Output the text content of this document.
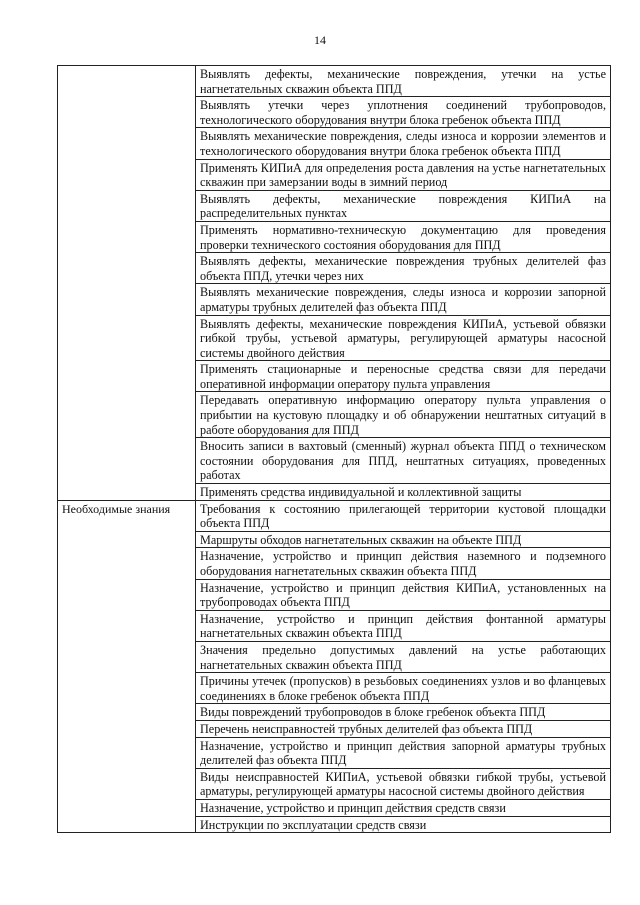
14
	Выявлять дефекты, механические повреждения, утечки на устье нагнетательных скважин объекта ППД
	Выявлять утечки через уплотнения соединений трубопроводов, технологического оборудования внутри блока гребенок объекта ППД
	Выявлять механические повреждения, следы износа и коррозии элементов и технологического оборудования внутри блока гребенок объекта ППД
	Применять КИПиА для определения роста давления на устье нагнетательных скважин при замерзании воды в зимний период
	Выявлять дефекты, механические повреждения КИПиА на распределительных пунктах
	Применять нормативно-техническую документацию для проведения проверки технического состояния оборудования для ППД
	Выявлять дефекты, механические повреждения трубных делителей фаз объекта ППД, утечки через них
	Выявлять механические повреждения, следы износа и коррозии запорной арматуры трубных делителей фаз объекта ППД
	Выявлять дефекты, механические повреждения КИПиА, устьевой обвязки гибкой трубы, устьевой арматуры, регулирующей арматуры насосной системы двойного действия
	Применять стационарные и переносные средства связи для передачи оперативной информации оператору пульта управления
	Передавать оперативную информацию оператору пульта управления о прибытии на кустовую площадку и об обнаружении нештатных ситуаций в работе оборудования для ППД
	Вносить записи в вахтовый (сменный) журнал объекта ППД о техническом состоянии оборудования для ППД, нештатных ситуациях, проведенных работах
	Применять средства индивидуальной и коллективной защиты
Необходимые знания	Требования к состоянию прилегающей территории кустовой площадки объекта ППД
	Маршруты обходов нагнетательных скважин на объекте ППД
	Назначение, устройство и принцип действия наземного и подземного оборудования нагнетательных скважин объекта ППД
	Назначение, устройство и принцип действия КИПиА, установленных на трубопроводах объекта ППД
	Назначение, устройство и принцип действия фонтанной арматуры нагнетательных скважин объекта ППД
	Значения предельно допустимых давлений на устье работающих нагнетательных скважин объекта ППД
	Причины утечек (пропусков) в резьбовых соединениях узлов и во фланцевых соединениях в блоке гребенок объекта ППД
	Виды повреждений трубопроводов в блоке гребенок объекта ППД
	Перечень неисправностей трубных делителей фаз объекта ППД
	Назначение, устройство и принцип действия запорной арматуры трубных делителей фаз объекта ППД
	Виды неисправностей КИПиА, устьевой обвязки гибкой трубы, устьевой арматуры, регулирующей арматуры насосной системы двойного действия
	Назначение, устройство и принцип действия средств связи
	Инструкции по эксплуатации средств связи
